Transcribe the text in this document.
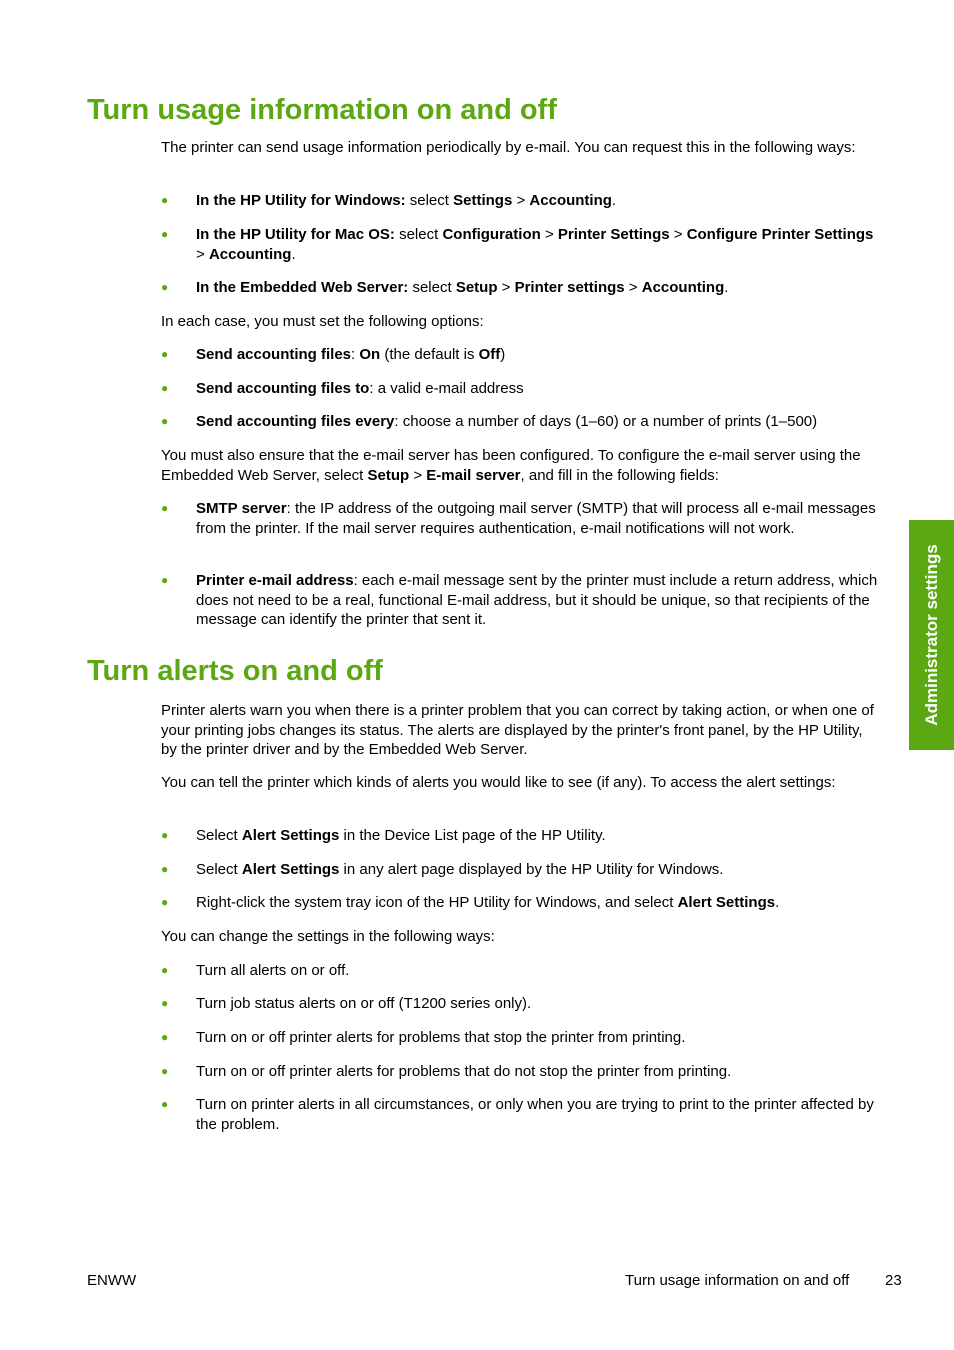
Turn usage information on and off

The printer can send usage information periodically by e-mail. You can request this in the following ways:

●	In the HP Utility for Windows: select Settings > Accounting.

●	In the HP Utility for Mac OS: select Configuration > Printer Settings > Configure Printer Settings > Accounting.

●	In the Embedded Web Server: select Setup > Printer settings > Accounting.

In each case, you must set the following options:

●	Send accounting files: On (the default is Off)

●	Send accounting files to: a valid e-mail address

●	Send accounting files every: choose a number of days (1–60) or a number of prints (1–500)

You must also ensure that the e-mail server has been configured. To configure the e-mail server using the Embedded Web Server, select Setup > E-mail server, and fill in the following fields:

●	SMTP server: the IP address of the outgoing mail server (SMTP) that will process all e-mail messages from the printer. If the mail server requires authentication, e-mail notifications will not work.

●	Printer e-mail address: each e-mail message sent by the printer must include a return address, which does not need to be a real, functional E-mail address, but it should be unique, so that recipients of the message can identify the printer that sent it.

Turn alerts on and off

Printer alerts warn you when there is a printer problem that you can correct by taking action, or when one of your printing jobs changes its status. The alerts are displayed by the printer's front panel, by the HP Utility, by the printer driver and by the Embedded Web Server.

You can tell the printer which kinds of alerts you would like to see (if any). To access the alert settings:

●	Select Alert Settings in the Device List page of the HP Utility.

●	Select Alert Settings in any alert page displayed by the HP Utility for Windows.

●	Right-click the system tray icon of the HP Utility for Windows, and select Alert Settings.

You can change the settings in the following ways:

●	Turn all alerts on or off.

●	Turn job status alerts on or off (T1200 series only).

●	Turn on or off printer alerts for problems that stop the printer from printing.

●	Turn on or off printer alerts for problems that do not stop the printer from printing.

●	Turn on printer alerts in all circumstances, or only when you are trying to print to the printer affected by the problem.

Administrator settings
ENWW	Turn usage information on and off 23
